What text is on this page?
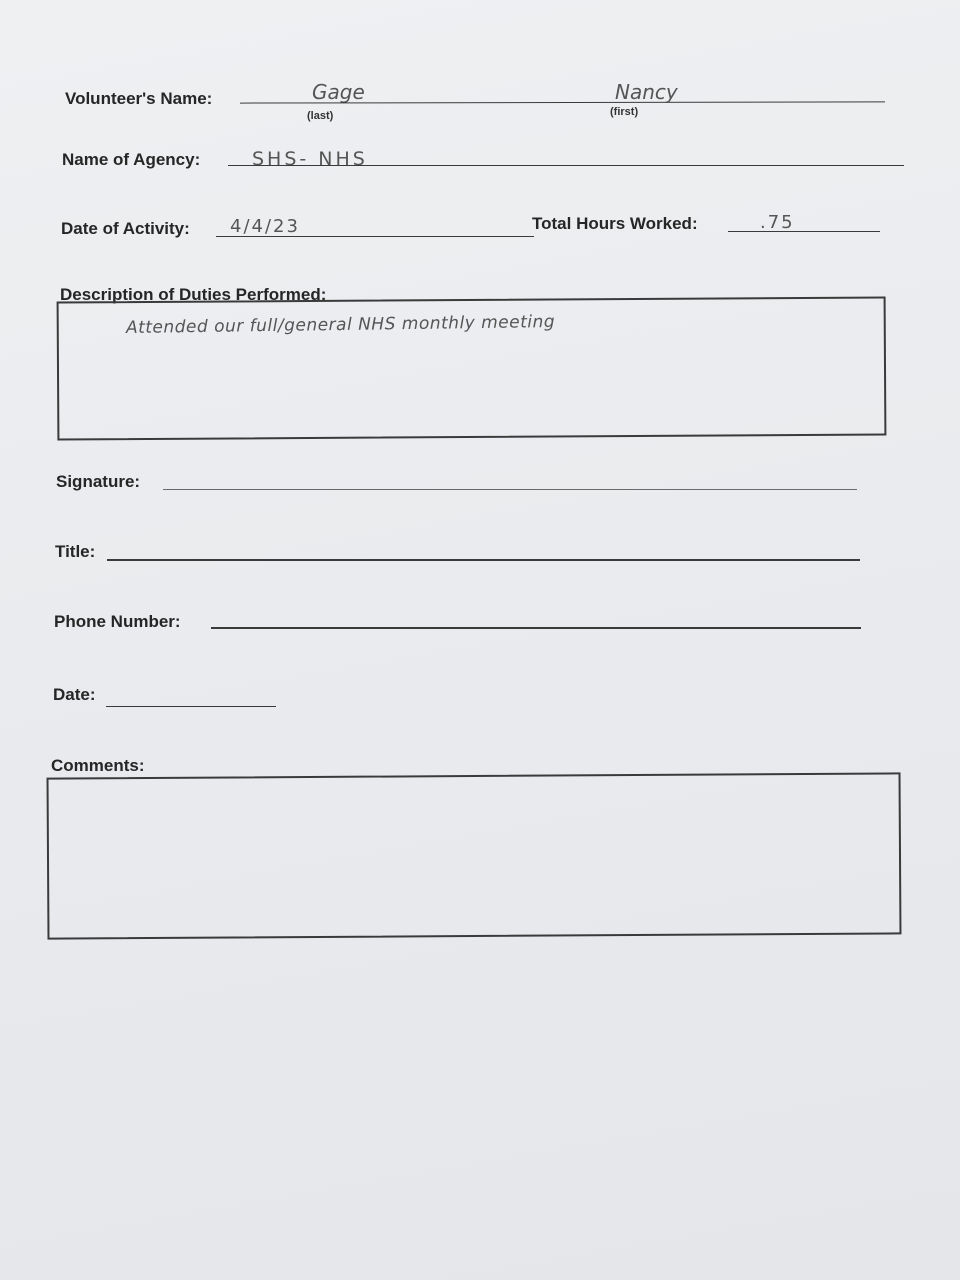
Volunteer's Name:	Gage
(last)
Nancy
(first)
Name of Agency:	SHS- NHS
Date of Activity: 4/4/23	Total Hours Worked:	.75
Description of Duties Performed:
Attended our full/general NHS monthly meeting
Signature:
Title:
Phone Number:
Date:
Comments:
